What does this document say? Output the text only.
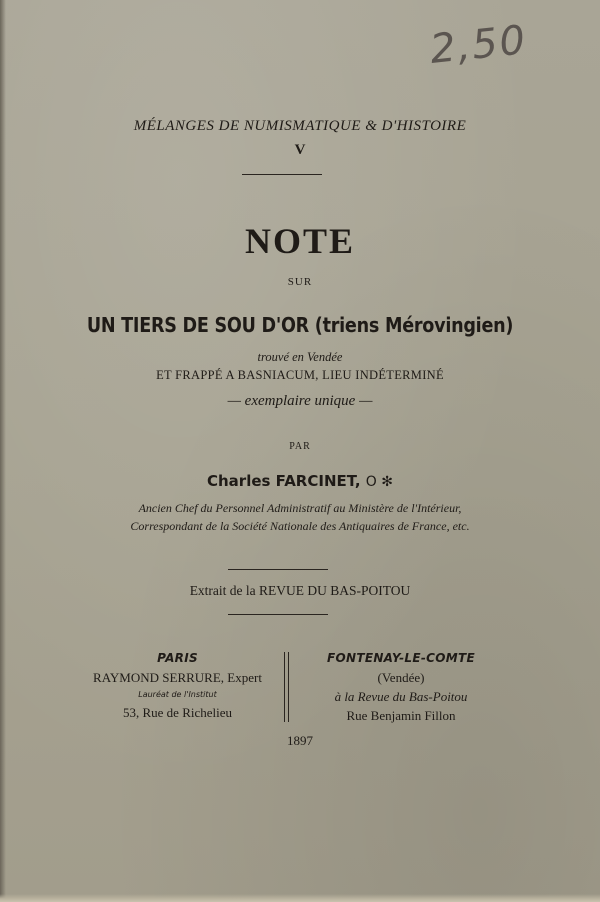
2,50
MÉLANGES DE NUMISMATIQUE & D'HISTOIRE
V
NOTE
SUR
UN TIERS DE SOU D'OR (triens Mérovingien)
trouvé en Vendée
ET FRAPPÉ A BASNIACUM, LIEU INDÉTERMINÉ
— exemplaire unique —
PAR
Charles FARCINET, O ✻
Ancien Chef du Personnel Administratif au Ministère de l'Intérieur,
Correspondant de la Société Nationale des Antiquaires de France, etc.
Extrait de la REVUE DU BAS-POITOU
PARIS
RAYMOND SERRURE, Expert
Lauréat de l'Institut
53, Rue de Richelieu
FONTENAY-LE-COMTE
(Vendée)
à la Revue du Bas-Poitou
Rue Benjamin Fillon
1897
